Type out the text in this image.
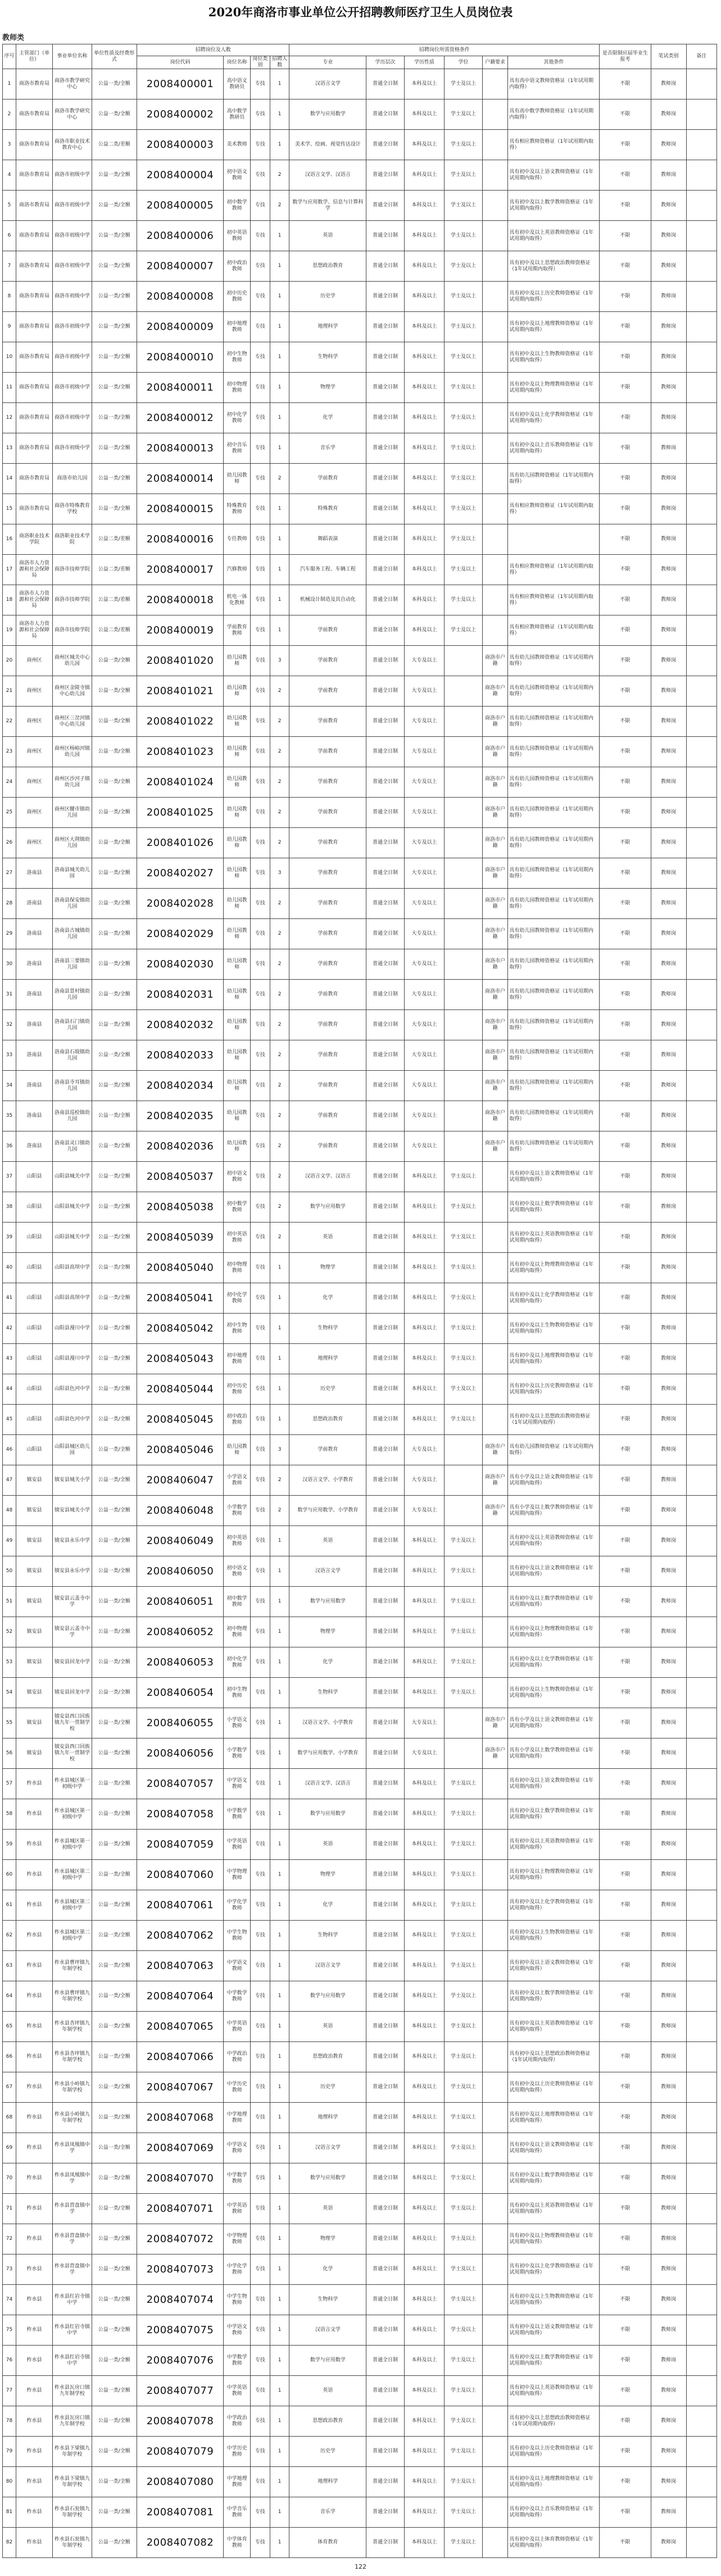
2020年商洛市事业单位公开招聘教师医疗卫生人员岗位表
教师类
序号	主管部门（单位）	事业单位名称	单位性质及经费形式	招聘岗位及人数				招聘岗位所需资格条件						是否限制应届毕业生报考	笔试类别	备注
				岗位代码	岗位名称	岗位类别	招聘人数	专业	学历层次	学历性质	学位	户籍要求	其他条件			
1	商洛市教育局	商洛市教学研究中心	公益一类/全额	2008400001	高中语文教研员	专技	1	汉语言文学	普通全日制	本科及以上	学士及以上		具有高中语文教师资格证（1年试用期内取得）	不限	教师岗	
2	商洛市教育局	商洛市教学研究中心	公益一类/全额	2008400002	高中数学教研员	专技	1	数学与应用数学	普通全日制	本科及以上	学士及以上		具有高中数学教师资格证（1年试用期内取得）	不限	教师岗	
3	商洛市教育局	商洛市职业技术教育中心	公益二类/差额	2008400003	美术教师	专技	1	美术学、绘画、视觉传达设计	普通全日制	本科及以上	学士及以上		具有相应教师资格证（1年试用期内取得）	不限	教师岗	
4	商洛市教育局	商洛市初级中学	公益一类/全额	2008400004	初中语文教师	专技	2	汉语言文学、汉语言	普通全日制	本科及以上	学士及以上		具有初中及以上语文教师资格证（1年试用期内取得）	不限	教师岗	
5	商洛市教育局	商洛市初级中学	公益一类/全额	2008400005	初中数学教师	专技	2	数学与应用数学、信息与计算科学	普通全日制	本科及以上	学士及以上		具有初中及以上数学教师资格证（1年试用期内取得）	不限	教师岗	
6	商洛市教育局	商洛市初级中学	公益一类/全额	2008400006	初中英语教师	专技	1	英语	普通全日制	本科及以上	学士及以上		具有初中及以上英语教师资格证（1年试用期内取得）	不限	教师岗	
7	商洛市教育局	商洛市初级中学	公益一类/全额	2008400007	初中政治教师	专技	1	思想政治教育	普通全日制	本科及以上	学士及以上		具有初中及以上思想政治教师资格证（1年试用期内取得）	不限	教师岗	
8	商洛市教育局	商洛市初级中学	公益一类/全额	2008400008	初中历史教师	专技	1	历史学	普通全日制	本科及以上	学士及以上		具有初中及以上历史教师资格证（1年试用期内取得）	不限	教师岗	
9	商洛市教育局	商洛市初级中学	公益一类/全额	2008400009	初中地理教师	专技	1	地理科学	普通全日制	本科及以上	学士及以上		具有初中及以上地理教师资格证（1年试用期内取得）	不限	教师岗	
10	商洛市教育局	商洛市初级中学	公益一类/全额	2008400010	初中生物教师	专技	1	生物科学	普通全日制	本科及以上	学士及以上		具有初中及以上生物教师资格证（1年试用期内取得）	不限	教师岗	
11	商洛市教育局	商洛市初级中学	公益一类/全额	2008400011	初中物理教师	专技	1	物理学	普通全日制	本科及以上	学士及以上		具有初中及以上物理教师资格证（1年试用期内取得）	不限	教师岗	
12	商洛市教育局	商洛市初级中学	公益一类/全额	2008400012	初中化学教师	专技	1	化学	普通全日制	本科及以上	学士及以上		具有初中及以上化学教师资格证（1年试用期内取得）	不限	教师岗	
13	商洛市教育局	商洛市初级中学	公益一类/全额	2008400013	初中音乐教师	专技	1	音乐学	普通全日制	本科及以上	学士及以上		具有初中及以上音乐教师资格证（1年试用期内取得）	不限	教师岗	
14	商洛市教育局	商洛市幼儿园	公益一类/全额	2008400014	幼儿园教师	专技	2	学前教育	普通全日制	本科及以上	学士及以上		具有幼儿园教师资格证（1年试用期内取得）	不限	教师岗	
15	商洛市教育局	商洛市特殊教育学校	公益一类/全额	2008400015	特殊教育教师	专技	1	特殊教育	普通全日制	本科及以上	学士及以上		具有相应教师资格证（1年试用期内取得）	不限	教师岗	
16	商洛职业技术学院	商洛职业技术学院	公益二类/差额	2008400016	专任教师	专技	1	舞蹈表演	普通全日制	本科及以上	学士及以上			不限	教师岗	
17	商洛市人力资源和社会保障局	商洛市技师学院	公益二类/差额	2008400017	汽修教师	专技	1	汽车服务工程、车辆工程	普通全日制	本科及以上	学士及以上		具有相应教师资格证（1年试用期内取得）	不限	教师岗	
18	商洛市人力资源和社会保障局	商洛市技师学院	公益二类/差额	2008400018	机电一体化教师	专技	1	机械设计制造及其自动化	普通全日制	本科及以上	学士及以上		具有相应教师资格证（1年试用期内取得）	不限	教师岗	
19	商洛市人力资源和社会保障局	商洛市技师学院	公益二类/差额	2008400019	学前教育教师	专技	1	学前教育	普通全日制	本科及以上	学士及以上		具有相应教师资格证（1年试用期内取得）	不限	教师岗	
20	商州区	商州区城关中心幼儿园	公益一类/全额	2008401020	幼儿园教师	专技	3	学前教育	普通全日制	大专及以上		商洛市户籍	具有幼儿园教师资格证（1年试用期内取得）	不限	教师岗	
21	商州区	商州区金陵寺镇中心幼儿园	公益一类/全额	2008401021	幼儿园教师	专技	2	学前教育	普通全日制	大专及以上		商洛市户籍	具有幼儿园教师资格证（1年试用期内取得）	不限	教师岗	
22	商州区	商州区三岔河镇中心幼儿园	公益一类/全额	2008401022	幼儿园教师	专技	2	学前教育	普通全日制	大专及以上		商洛市户籍	具有幼儿园教师资格证（1年试用期内取得）	不限	教师岗	
23	商州区	商州区杨峪河镇幼儿园	公益一类/全额	2008401023	幼儿园教师	专技	2	学前教育	普通全日制	大专及以上		商洛市户籍	具有幼儿园教师资格证（1年试用期内取得）	不限	教师岗	
24	商州区	商州区沙河子镇幼儿园	公益一类/全额	2008401024	幼儿园教师	专技	2	学前教育	普通全日制	大专及以上		商洛市户籍	具有幼儿园教师资格证（1年试用期内取得）	不限	教师岗	
25	商州区	商州区腰市镇幼儿园	公益一类/全额	2008401025	幼儿园教师	专技	2	学前教育	普通全日制	大专及以上		商洛市户籍	具有幼儿园教师资格证（1年试用期内取得）	不限	教师岗	
26	商州区	商州区大荆镇幼儿园	公益一类/全额	2008401026	幼儿园教师	专技	2	学前教育	普通全日制	大专及以上		商洛市户籍	具有幼儿园教师资格证（1年试用期内取得）	不限	教师岗	
27	洛南县	洛南县城关幼儿园	公益一类/全额	2008402027	幼儿园教师	专技	3	学前教育	普通全日制	大专及以上		商洛市户籍	具有幼儿园教师资格证（1年试用期内取得）	不限	教师岗	
28	洛南县	洛南县保安镇幼儿园	公益一类/全额	2008402028	幼儿园教师	专技	2	学前教育	普通全日制	大专及以上		商洛市户籍	具有幼儿园教师资格证（1年试用期内取得）	不限	教师岗	
29	洛南县	洛南县古城镇幼儿园	公益一类/全额	2008402029	幼儿园教师	专技	2	学前教育	普通全日制	大专及以上		商洛市户籍	具有幼儿园教师资格证（1年试用期内取得）	不限	教师岗	
30	洛南县	洛南县三要镇幼儿园	公益一类/全额	2008402030	幼儿园教师	专技	2	学前教育	普通全日制	大专及以上		商洛市户籍	具有幼儿园教师资格证（1年试用期内取得）	不限	教师岗	
31	洛南县	洛南县景村镇幼儿园	公益一类/全额	2008402031	幼儿园教师	专技	2	学前教育	普通全日制	大专及以上		商洛市户籍	具有幼儿园教师资格证（1年试用期内取得）	不限	教师岗	
32	洛南县	洛南县石门镇幼儿园	公益一类/全额	2008402032	幼儿园教师	专技	2	学前教育	普通全日制	大专及以上		商洛市户籍	具有幼儿园教师资格证（1年试用期内取得）	不限	教师岗	
33	洛南县	洛南县石坡镇幼儿园	公益一类/全额	2008402033	幼儿园教师	专技	2	学前教育	普通全日制	大专及以上		商洛市户籍	具有幼儿园教师资格证（1年试用期内取得）	不限	教师岗	
34	洛南县	洛南县寺耳镇幼儿园	公益一类/全额	2008402034	幼儿园教师	专技	2	学前教育	普通全日制	大专及以上		商洛市户籍	具有幼儿园教师资格证（1年试用期内取得）	不限	教师岗	
35	洛南县	洛南县巡检镇幼儿园	公益一类/全额	2008402035	幼儿园教师	专技	2	学前教育	普通全日制	大专及以上		商洛市户籍	具有幼儿园教师资格证（1年试用期内取得）	不限	教师岗	
36	洛南县	洛南县灵口镇幼儿园	公益一类/全额	2008402036	幼儿园教师	专技	2	学前教育	普通全日制	大专及以上		商洛市户籍	具有幼儿园教师资格证（1年试用期内取得）	不限	教师岗	
37	山阳县	山阳县城关中学	公益一类/全额	2008405037	初中语文教师	专技	2	汉语言文学、汉语言	普通全日制	本科及以上	学士及以上		具有初中及以上语文教师资格证（1年试用期内取得）	不限	教师岗	
38	山阳县	山阳县城关中学	公益一类/全额	2008405038	初中数学教师	专技	2	数学与应用数学	普通全日制	本科及以上	学士及以上		具有初中及以上数学教师资格证（1年试用期内取得）	不限	教师岗	
39	山阳县	山阳县城关中学	公益一类/全额	2008405039	初中英语教师	专技	2	英语	普通全日制	本科及以上	学士及以上		具有初中及以上英语教师资格证（1年试用期内取得）	不限	教师岗	
40	山阳县	山阳县高坝中学	公益一类/全额	2008405040	初中物理教师	专技	1	物理学	普通全日制	本科及以上	学士及以上		具有初中及以上物理教师资格证（1年试用期内取得）	不限	教师岗	
41	山阳县	山阳县高坝中学	公益一类/全额	2008405041	初中化学教师	专技	1	化学	普通全日制	本科及以上	学士及以上		具有初中及以上化学教师资格证（1年试用期内取得）	不限	教师岗	
42	山阳县	山阳县漫川中学	公益一类/全额	2008405042	初中生物教师	专技	1	生物科学	普通全日制	本科及以上	学士及以上		具有初中及以上生物教师资格证（1年试用期内取得）	不限	教师岗	
43	山阳县	山阳县漫川中学	公益一类/全额	2008405043	初中地理教师	专技	1	地理科学	普通全日制	本科及以上	学士及以上		具有初中及以上地理教师资格证（1年试用期内取得）	不限	教师岗	
44	山阳县	山阳县色河中学	公益一类/全额	2008405044	初中历史教师	专技	1	历史学	普通全日制	本科及以上	学士及以上		具有初中及以上历史教师资格证（1年试用期内取得）	不限	教师岗	
45	山阳县	山阳县色河中学	公益一类/全额	2008405045	初中政治教师	专技	1	思想政治教育	普通全日制	本科及以上	学士及以上		具有初中及以上思想政治教师资格证（1年试用期内取得）	不限	教师岗	
46	山阳县	山阳县城区幼儿园	公益一类/全额	2008405046	幼儿园教师	专技	3	学前教育	普通全日制	大专及以上		商洛市户籍	具有幼儿园教师资格证（1年试用期内取得）	不限	教师岗	
47	镇安县	镇安县城关小学	公益一类/全额	2008406047	小学语文教师	专技	2	汉语言文学、小学教育	普通全日制	大专及以上		商洛市户籍	具有小学及以上语文教师资格证（1年试用期内取得）	不限	教师岗	
48	镇安县	镇安县城关小学	公益一类/全额	2008406048	小学数学教师	专技	2	数学与应用数学、小学教育	普通全日制	大专及以上		商洛市户籍	具有小学及以上数学教师资格证（1年试用期内取得）	不限	教师岗	
49	镇安县	镇安县永乐中学	公益一类/全额	2008406049	初中英语教师	专技	1	英语	普通全日制	本科及以上	学士及以上		具有初中及以上英语教师资格证（1年试用期内取得）	不限	教师岗	
50	镇安县	镇安县永乐中学	公益一类/全额	2008406050	初中语文教师	专技	1	汉语言文学	普通全日制	本科及以上	学士及以上		具有初中及以上语文教师资格证（1年试用期内取得）	不限	教师岗	
51	镇安县	镇安县云盖寺中学	公益一类/全额	2008406051	初中数学教师	专技	1	数学与应用数学	普通全日制	本科及以上	学士及以上		具有初中及以上数学教师资格证（1年试用期内取得）	不限	教师岗	
52	镇安县	镇安县云盖寺中学	公益一类/全额	2008406052	初中物理教师	专技	1	物理学	普通全日制	本科及以上	学士及以上		具有初中及以上物理教师资格证（1年试用期内取得）	不限	教师岗	
53	镇安县	镇安县回龙中学	公益一类/全额	2008406053	初中化学教师	专技	1	化学	普通全日制	本科及以上	学士及以上		具有初中及以上化学教师资格证（1年试用期内取得）	不限	教师岗	
54	镇安县	镇安县回龙中学	公益一类/全额	2008406054	初中生物教师	专技	1	生物科学	普通全日制	本科及以上	学士及以上		具有初中及以上生物教师资格证（1年试用期内取得）	不限	教师岗	
55	镇安县	镇安县西口回族镇九年一贯制学校	公益一类/全额	2008406055	小学语文教师	专技	1	汉语言文学、小学教育	普通全日制	大专及以上		商洛市户籍	具有小学及以上语文教师资格证（1年试用期内取得）	不限	教师岗	
56	镇安县	镇安县西口回族镇九年一贯制学校	公益一类/全额	2008406056	小学数学教师	专技	1	数学与应用数学、小学教育	普通全日制	大专及以上		商洛市户籍	具有小学及以上数学教师资格证（1年试用期内取得）	不限	教师岗	
57	柞水县	柞水县城区第一初级中学	公益一类/全额	2008407057	中学语文教师	专技	1	汉语言文学、汉语言	普通全日制	本科及以上	学士及以上		具有初中及以上语文教师资格证（1年试用期内取得）	不限	教师岗	
58	柞水县	柞水县城区第一初级中学	公益一类/全额	2008407058	中学数学教师	专技	1	数学与应用数学	普通全日制	本科及以上	学士及以上		具有初中及以上数学教师资格证（1年试用期内取得）	不限	教师岗	
59	柞水县	柞水县城区第一初级中学	公益一类/全额	2008407059	中学英语教师	专技	1	英语	普通全日制	本科及以上	学士及以上		具有初中及以上英语教师资格证（1年试用期内取得）	不限	教师岗	
60	柞水县	柞水县城区第二初级中学	公益一类/全额	2008407060	中学物理教师	专技	1	物理学	普通全日制	本科及以上	学士及以上		具有初中及以上物理教师资格证（1年试用期内取得）	不限	教师岗	
61	柞水县	柞水县城区第二初级中学	公益一类/全额	2008407061	中学化学教师	专技	1	化学	普通全日制	本科及以上	学士及以上		具有初中及以上化学教师资格证（1年试用期内取得）	不限	教师岗	
62	柞水县	柞水县城区第二初级中学	公益一类/全额	2008407062	中学生物教师	专技	1	生物科学	普通全日制	本科及以上	学士及以上		具有初中及以上生物教师资格证（1年试用期内取得）	不限	教师岗	
63	柞水县	柞水县曹坪镇九年制学校	公益一类/全额	2008407063	中学语文教师	专技	1	汉语言文学	普通全日制	本科及以上	学士及以上		具有初中及以上语文教师资格证（1年试用期内取得）	不限	教师岗	
64	柞水县	柞水县曹坪镇九年制学校	公益一类/全额	2008407064	中学数学教师	专技	1	数学与应用数学	普通全日制	本科及以上	学士及以上		具有初中及以上数学教师资格证（1年试用期内取得）	不限	教师岗	
65	柞水县	柞水县杏坪镇九年制学校	公益一类/全额	2008407065	中学英语教师	专技	1	英语	普通全日制	本科及以上	学士及以上		具有初中及以上英语教师资格证（1年试用期内取得）	不限	教师岗	
66	柞水县	柞水县杏坪镇九年制学校	公益一类/全额	2008407066	中学政治教师	专技	1	思想政治教育	普通全日制	本科及以上	学士及以上		具有初中及以上思想政治教师资格证（1年试用期内取得）	不限	教师岗	
67	柞水县	柞水县小岭镇九年制学校	公益一类/全额	2008407067	中学历史教师	专技	1	历史学	普通全日制	本科及以上	学士及以上		具有初中及以上历史教师资格证（1年试用期内取得）	不限	教师岗	
68	柞水县	柞水县小岭镇九年制学校	公益一类/全额	2008407068	中学地理教师	专技	1	地理科学	普通全日制	本科及以上	学士及以上		具有初中及以上地理教师资格证（1年试用期内取得）	不限	教师岗	
69	柞水县	柞水县凤凰镇中学	公益一类/全额	2008407069	中学语文教师	专技	1	汉语言文学	普通全日制	本科及以上	学士及以上		具有初中及以上语文教师资格证（1年试用期内取得）	不限	教师岗	
70	柞水县	柞水县凤凰镇中学	公益一类/全额	2008407070	中学数学教师	专技	1	数学与应用数学	普通全日制	本科及以上	学士及以上		具有初中及以上数学教师资格证（1年试用期内取得）	不限	教师岗	
71	柞水县	柞水县营盘镇中学	公益一类/全额	2008407071	中学英语教师	专技	1	英语	普通全日制	本科及以上	学士及以上		具有初中及以上英语教师资格证（1年试用期内取得）	不限	教师岗	
72	柞水县	柞水县营盘镇中学	公益一类/全额	2008407072	中学物理教师	专技	1	物理学	普通全日制	本科及以上	学士及以上		具有初中及以上物理教师资格证（1年试用期内取得）	不限	教师岗	
73	柞水县	柞水县营盘镇中学	公益一类/全额	2008407073	中学化学教师	专技	1	化学	普通全日制	本科及以上	学士及以上		具有初中及以上化学教师资格证（1年试用期内取得）	不限	教师岗	
74	柞水县	柞水县红岩寺镇中学	公益一类/全额	2008407074	中学生物教师	专技	1	生物科学	普通全日制	本科及以上	学士及以上		具有初中及以上生物教师资格证（1年试用期内取得）	不限	教师岗	
75	柞水县	柞水县红岩寺镇中学	公益一类/全额	2008407075	中学语文教师	专技	1	汉语言文学	普通全日制	本科及以上	学士及以上		具有初中及以上语文教师资格证（1年试用期内取得）	不限	教师岗	
76	柞水县	柞水县红岩寺镇中学	公益一类/全额	2008407076	中学数学教师	专技	1	数学与应用数学	普通全日制	本科及以上	学士及以上		具有初中及以上数学教师资格证（1年试用期内取得）	不限	教师岗	
77	柞水县	柞水县瓦房口镇九年制学校	公益一类/全额	2008407077	中学英语教师	专技	1	英语	普通全日制	本科及以上	学士及以上		具有初中及以上英语教师资格证（1年试用期内取得）	不限	教师岗	
78	柞水县	柞水县瓦房口镇九年制学校	公益一类/全额	2008407078	中学政治教师	专技	1	思想政治教育	普通全日制	本科及以上	学士及以上		具有初中及以上思想政治教师资格证（1年试用期内取得）	不限	教师岗	
79	柞水县	柞水县下梁镇九年制学校	公益一类/全额	2008407079	中学历史教师	专技	1	历史学	普通全日制	本科及以上	学士及以上		具有初中及以上历史教师资格证（1年试用期内取得）	不限	教师岗	
80	柞水县	柞水县下梁镇九年制学校	公益一类/全额	2008407080	中学地理教师	专技	1	地理科学	普通全日制	本科及以上	学士及以上		具有初中及以上地理教师资格证（1年试用期内取得）	不限	教师岗	
81	柞水县	柞水县石瓮镇九年制学校	公益一类/全额	2008407081	中学音乐教师	专技	1	音乐学	普通全日制	本科及以上	学士及以上		具有初中及以上音乐教师资格证（1年试用期内取得）	不限	教师岗	
82	柞水县	柞水县石瓮镇九年制学校	公益一类/全额	2008407082	中学体育教师	专技	1	体育教育	普通全日制	本科及以上	学士及以上		具有初中及以上体育教师资格证（1年试用期内取得）	不限	教师岗	
122
